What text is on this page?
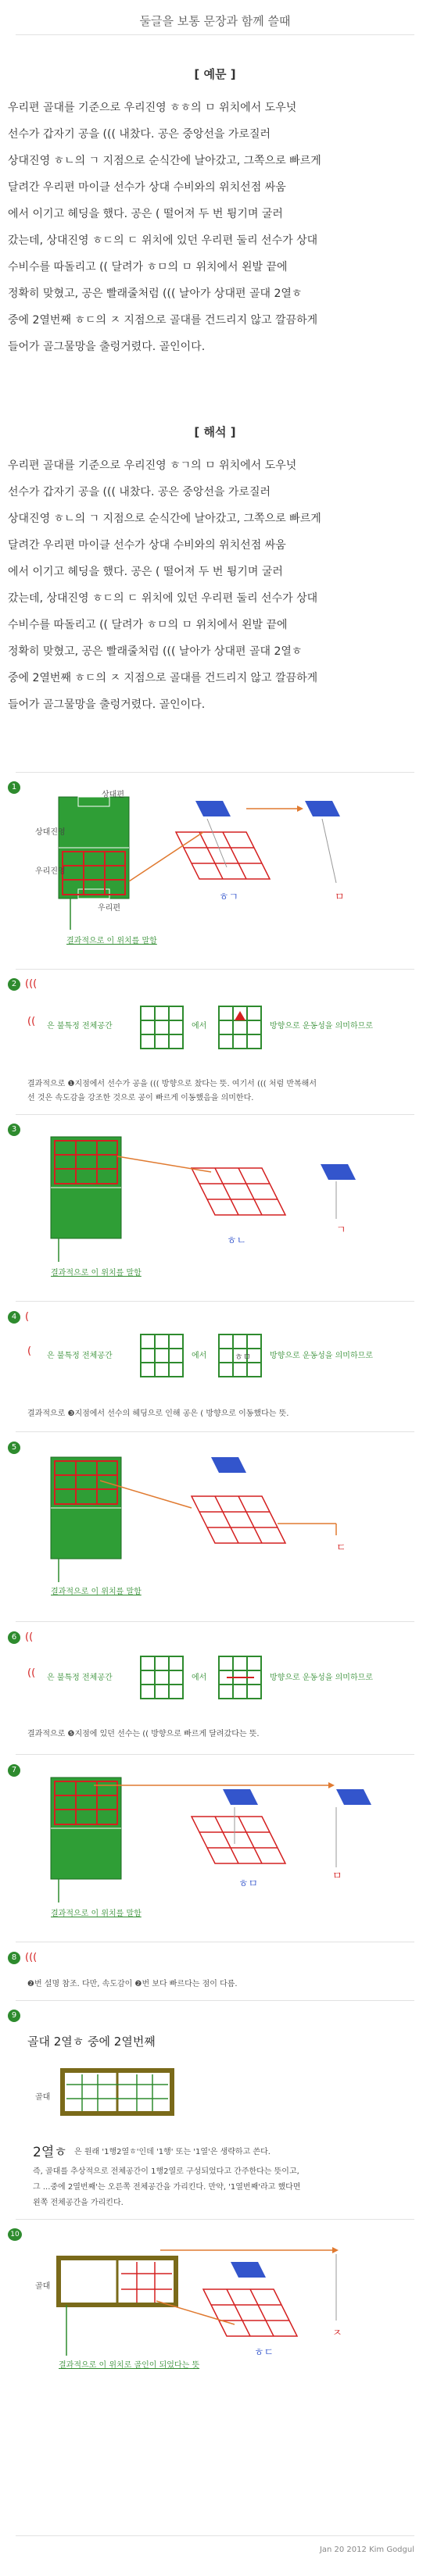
둘글을 보통 문장과 함께 쓸때
[ 예문 ]
우리편 골대를 기준으로 우리진영 ㅎㅎ의 ㅁ 위치에서 도우넛
선수가 갑자기 공을 ((( 내찼다. 공은 중앙선을 가로질러
상대진영 ㅎㄴ의 ㄱ 지점으로 순식간에 날아갔고, 그쪽으로 빠르게
달려간 우리편 마이클 선수가 상대 수비와의 위치선점 싸움
에서 이기고 헤딩을 했다. 공은 ( 떨어져 두 번 튕기며 굴러
갔는데, 상대진영 ㅎㄷ의 ㄷ 위치에 있던 우리편 둘리 선수가 상대
수비수를 따돌리고 (( 달려가 ㅎㅁ의 ㅁ 위치에서 왼발 끝에
정확히 맞혔고, 공은 빨래줄처럼 ((( 날아가 상대편 골대 2열ㅎ
중에 2열번째 ㅎㄷ의 ㅈ 지점으로 골대를 건드리지 않고 깔끔하게
들어가 골그물망을 출렁거렸다. 골인이다.
[ 해석 ]
우리편 골대를 기준으로 우리진영 ㅎㄱ의 ㅁ 위치에서 도우넛
선수가 갑자기 공을 ((( 내찼다. 공은 중앙선을 가로질러
상대진영 ㅎㄴ의 ㄱ 지점으로 순식간에 날아갔고, 그쪽으로 빠르게
달려간 우리편 마이클 선수가 상대 수비와의 위치선점 싸움
에서 이기고 헤딩을 했다. 공은 ( 떨어져 두 번 튕기며 굴러
갔는데, 상대진영 ㅎㄷ의 ㄷ 위치에 있던 우리편 둘리 선수가 상대
수비수를 따돌리고 (( 달려가 ㅎㅁ의 ㅁ 위치에서 왼발 끝에
정확히 맞혔고, 공은 빨래줄처럼 ((( 날아가 상대편 골대 2열ㅎ
중에 2열번째 ㅎㄷ의 ㅈ 지점으로 골대를 건드리지 않고 깔끔하게
들어가 골그물망을 출렁거렸다. 골인이다.
1
상대편
상대진영
우리진영
우리편
ㅎㄱ	ㅁ
결과적으로 이 위치를 말함
2 (((
(( 은 불특정 전체공간	에서	방향으로 운동성을 의미하므로
결과적으로 ❶지점에서 선수가 공을 ((( 방향으로 찼다는 뜻. 여기서 ((( 처럼 반복해서
선 것은 속도감을 강조한 것으로 공이 빠르게 이동했음을 의미한다.
3
ㅎㄴ
ㄱ
결과적으로 이 위치를 말함
4 (
ㅎㅁ
( 은 불특정 전체공간	에서	방향으로 운동성을 의미하므로
결과적으로 ❸지점에서 선수의 헤딩으로 인해 공은 ( 방향으로 이동했다는 뜻.
5
ㄷ
결과적으로 이 위치를 말함
6 ((
(( 은 불특정 전체공간	에서	방향으로 운동성을 의미하므로
결과적으로 ❺지점에 있던 선수는 (( 방향으로 빠르게 달려갔다는 뜻.
7
ㅎㅁ
ㅁ
결과적으로 이 위치를 말함
8 (((
❷번 설명 참조. 다만, 속도감이 ❷번 보다 빠르다는 점이 다름.
9
골대 2열ㅎ 중에 2열번째
골대
2열ㅎ 은 원래 '1행2열ㅎ'인데 '1행' 또는 '1열'은 생략하고 쓴다.
즉, 골대를 추상적으로 전체공간이 1행2열로 구성되었다고 간주한다는 뜻이고,
그 ...중에 2열번째'는 오른쪽 전체공간을 가리킨다. 만약, '1열번째'라고 했다면
왼쪽 전체공간을 가리킨다.
10
골대
ㅎㄷ
ㅈ
결과적으로 이 위치로 골인이 되었다는 뜻
Jan 20 2012 Kim Godgul
